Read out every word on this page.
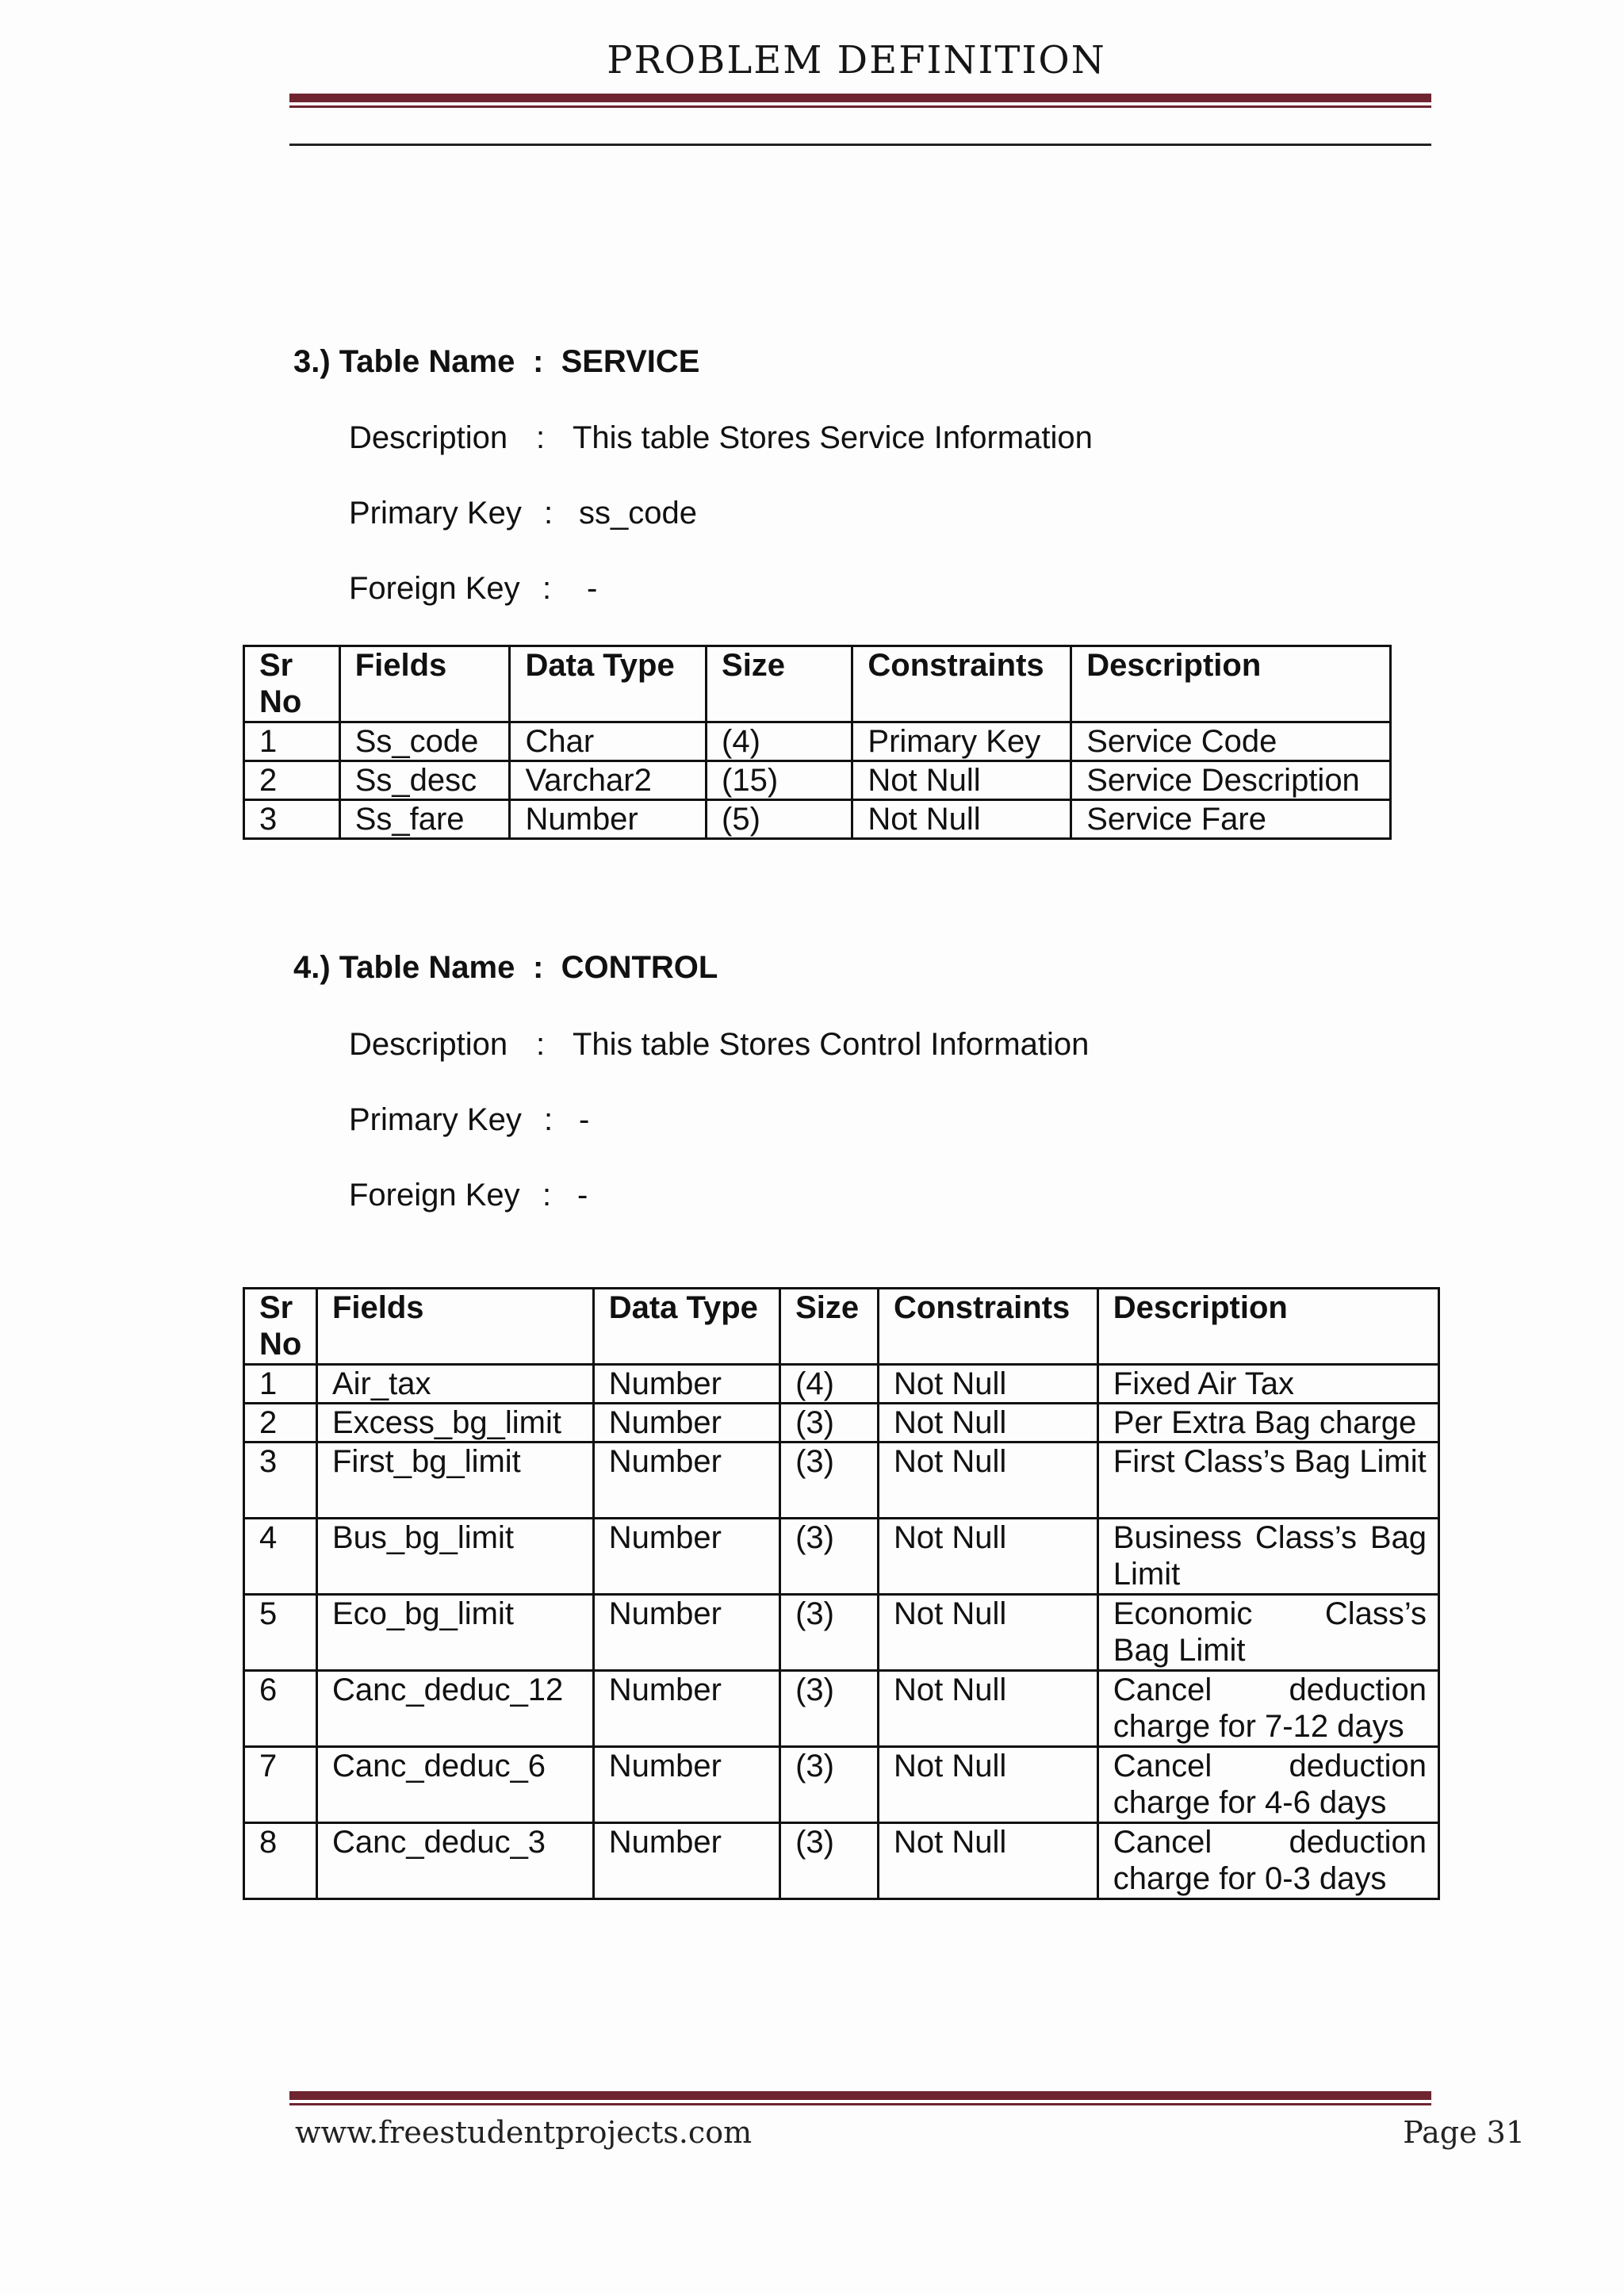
PROBLEM DEFINITION
3.) Table Name : SERVICE
Description : This table Stores Service Information
Primary Key : ss_code
Foreign Key : -
Sr No	Fields	Data Type	Size	Constraints	Description
1	Ss_code	Char	(4)	Primary Key	Service Code
2	Ss_desc	Varchar2	(15)	Not Null	Service Description
3	Ss_fare	Number	(5)	Not Null	Service Fare
4.) Table Name : CONTROL
Description : This table Stores Control Information
Primary Key : -
Foreign Key : -
Sr No	Fields	Data Type	Size	Constraints	Description
1	Air_tax	Number	(4)	Not Null	Fixed Air Tax
2	Excess_bg_limit	Number	(3)	Not Null	Per Extra Bag charge
3	First_bg_limit	Number	(3)	Not Null	First Class’s Bag Limit
4	Bus_bg_limit	Number	(3)	Not Null	Business Class’s Bag Limit
5	Eco_bg_limit	Number	(3)	Not Null	Economic Class’s Bag Limit
6	Canc_deduc_12	Number	(3)	Not Null	Cancel deduction charge for 7-12 days
7	Canc_deduc_6	Number	(3)	Not Null	Cancel deduction charge for 4-6 days
8	Canc_deduc_3	Number	(3)	Not Null	Cancel deduction charge for 0-3 days
www.freestudentprojects.com	Page 31
